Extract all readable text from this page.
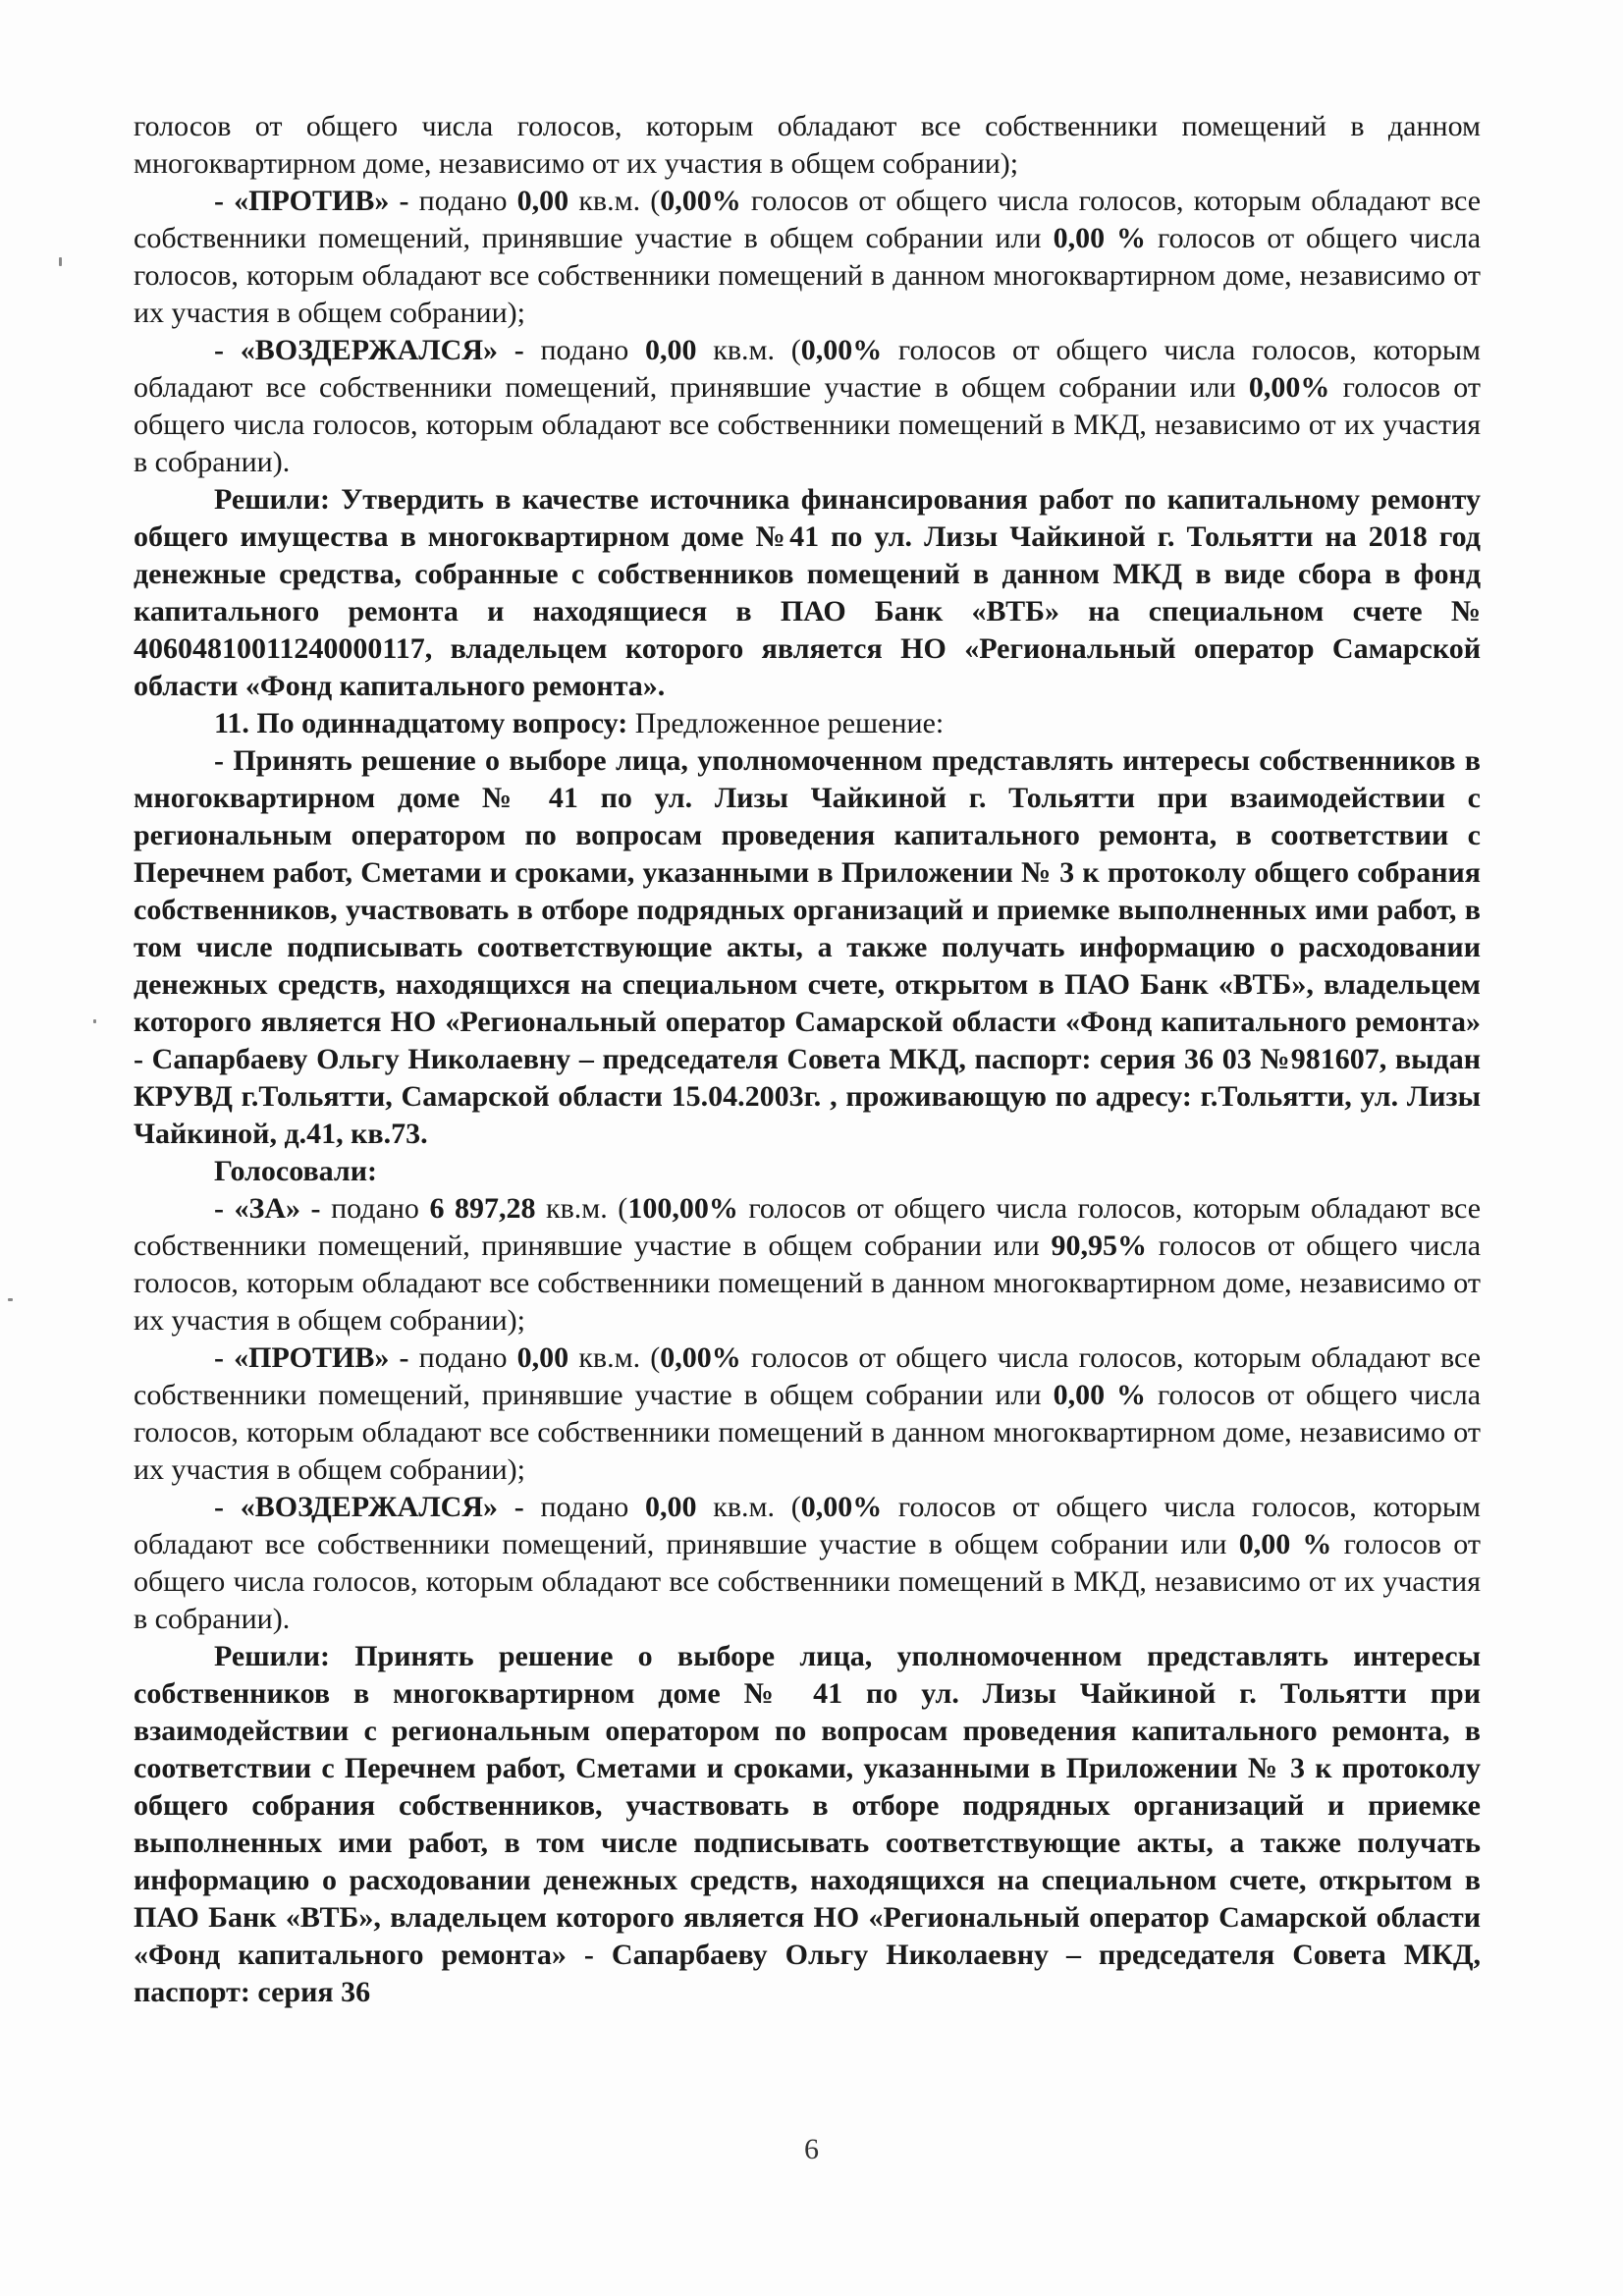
голосов от общего числа голосов, которым обладают все собственники помещений в данном многоквартирном доме, независимо от их участия в общем собрании);

- «ПРОТИВ» - подано 0,00 кв.м. (0,00% голосов от общего числа голосов, которым обладают все собственники помещений, принявшие участие в общем собрании или 0,00 % голосов от общего числа голосов, которым обладают все собственники помещений в данном многоквартирном доме, независимо от их участия в общем собрании);

- «ВОЗДЕРЖАЛСЯ» - подано 0,00 кв.м. (0,00% голосов от общего числа голосов, которым обладают все собственники помещений, принявшие участие в общем собрании или 0,00% голосов от общего числа голосов, которым обладают все собственники помещений в МКД, независимо от их участия в собрании).

Решили: Утвердить в качестве источника финансирования работ по капитальному ремонту общего имущества в многоквартирном доме №41 по ул. Лизы Чайкиной г. Тольятти на 2018 год денежные средства, собранные с собственников помещений в данном МКД в виде сбора в фонд капитального ремонта и находящиеся в ПАО Банк «ВТБ» на специальном счете № 40604810011240000117, владельцем которого является НО «Региональный оператор Самарской области «Фонд капитального ремонта».

11. По одиннадцатому вопросу: Предложенное решение:

- Принять решение о выборе лица, уполномоченном представлять интересы собственников в многоквартирном доме № 41 по ул. Лизы Чайкиной г. Тольятти при взаимодействии с региональным оператором по вопросам проведения капитального ремонта, в соответствии с Перечнем работ, Сметами и сроками, указанными в Приложении № 3 к протоколу общего собрания собственников, участвовать в отборе подрядных организаций и приемке выполненных ими работ, в том числе подписывать соответствующие акты, а также получать информацию о расходовании денежных средств, находящихся на специальном счете, открытом в ПАО Банк «ВТБ», владельцем которого является НО «Региональный оператор Самарской области «Фонд капитального ремонта» - Сапарбаеву Ольгу Николаевну – председателя Совета МКД, паспорт: серия 36 03 №981607, выдан КРУВД г.Тольятти, Самарской области 15.04.2003г. , проживающую по адресу: г.Тольятти, ул. Лизы Чайкиной, д.41, кв.73.

Голосовали:

- «ЗА» - подано 6 897,28 кв.м. (100,00% голосов от общего числа голосов, которым обладают все собственники помещений, принявшие участие в общем собрании или 90,95% голосов от общего числа голосов, которым обладают все собственники помещений в данном многоквартирном доме, независимо от их участия в общем собрании);

- «ПРОТИВ» - подано 0,00 кв.м. (0,00% голосов от общего числа голосов, которым обладают все собственники помещений, принявшие участие в общем собрании или 0,00 % голосов от общего числа голосов, которым обладают все собственники помещений в данном многоквартирном доме, независимо от их участия в общем собрании);

- «ВОЗДЕРЖАЛСЯ» - подано 0,00 кв.м. (0,00% голосов от общего числа голосов, которым обладают все собственники помещений, принявшие участие в общем собрании или 0,00 % голосов от общего числа голосов, которым обладают все собственники помещений в МКД, независимо от их участия в собрании).

Решили: Принять решение о выборе лица, уполномоченном представлять интересы собственников в многоквартирном доме № 41 по ул. Лизы Чайкиной г. Тольятти при взаимодействии с региональным оператором по вопросам проведения капитального ремонта, в соответствии с Перечнем работ, Сметами и сроками, указанными в Приложении № 3 к протоколу общего собрания собственников, участвовать в отборе подрядных организаций и приемке выполненных ими работ, в том числе подписывать соответствующие акты, а также получать информацию о расходовании денежных средств, находящихся на специальном счете, открытом в ПАО Банк «ВТБ», владельцем которого является НО «Региональный оператор Самарской области «Фонд капитального ремонта» - Сапарбаеву Ольгу Николаевну – председателя Совета МКД, паспорт: серия 36

6
